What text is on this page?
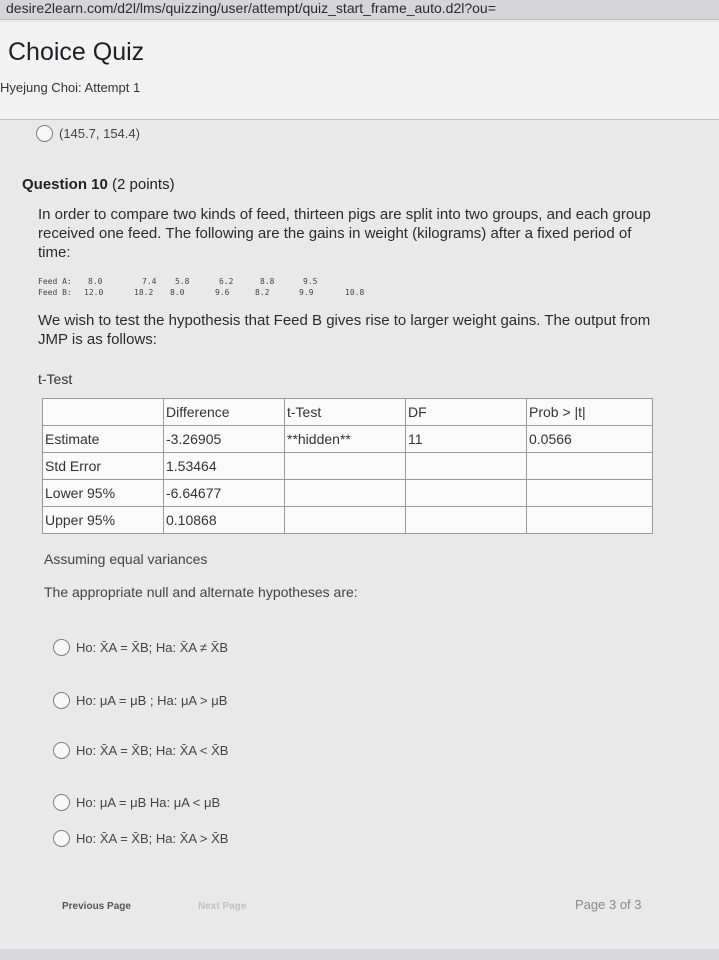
desire2learn.com/d2l/lms/quizzing/user/attempt/quiz_start_frame_auto.d2l?ou=
Choice Quiz
Hyejung Choi: Attempt 1
(145.7, 154.4)
Question 10 (2 points)
In order to compare two kinds of feed, thirteen pigs are split into two groups, and each group received one feed. The following are the gains in weight (kilograms) after a fixed period of time:
Feed A: 8.0	7.4 5.8	6.2	8.8	9.5
Feed B: 12.0	18.2 8.0	9.6	8.2	9.9	10.8
We wish to test the hypothesis that Feed B gives rise to larger weight gains. The output from JMP is as follows:
t-Test
	Difference	t-Test	DF	Prob > |t|
Estimate	-3.26905	**hidden**	11	0.0566
Std Error	1.53464			
Lower 95%	-6.64677			
Upper 95%	0.10868			
Assuming equal variances
The appropriate null and alternate hypotheses are:
Ho: X̄A = X̄B; Ha: X̄A ≠ X̄B
Ho: μA = μB ; Ha: μA > μB
Ho: X̄A = X̄B; Ha: X̄A < X̄B
Ho: μA = μB Ha: μA < μB
Ho: X̄A = X̄B; Ha: X̄A > X̄B
Previous Page	Next Page	Page 3 of 3
